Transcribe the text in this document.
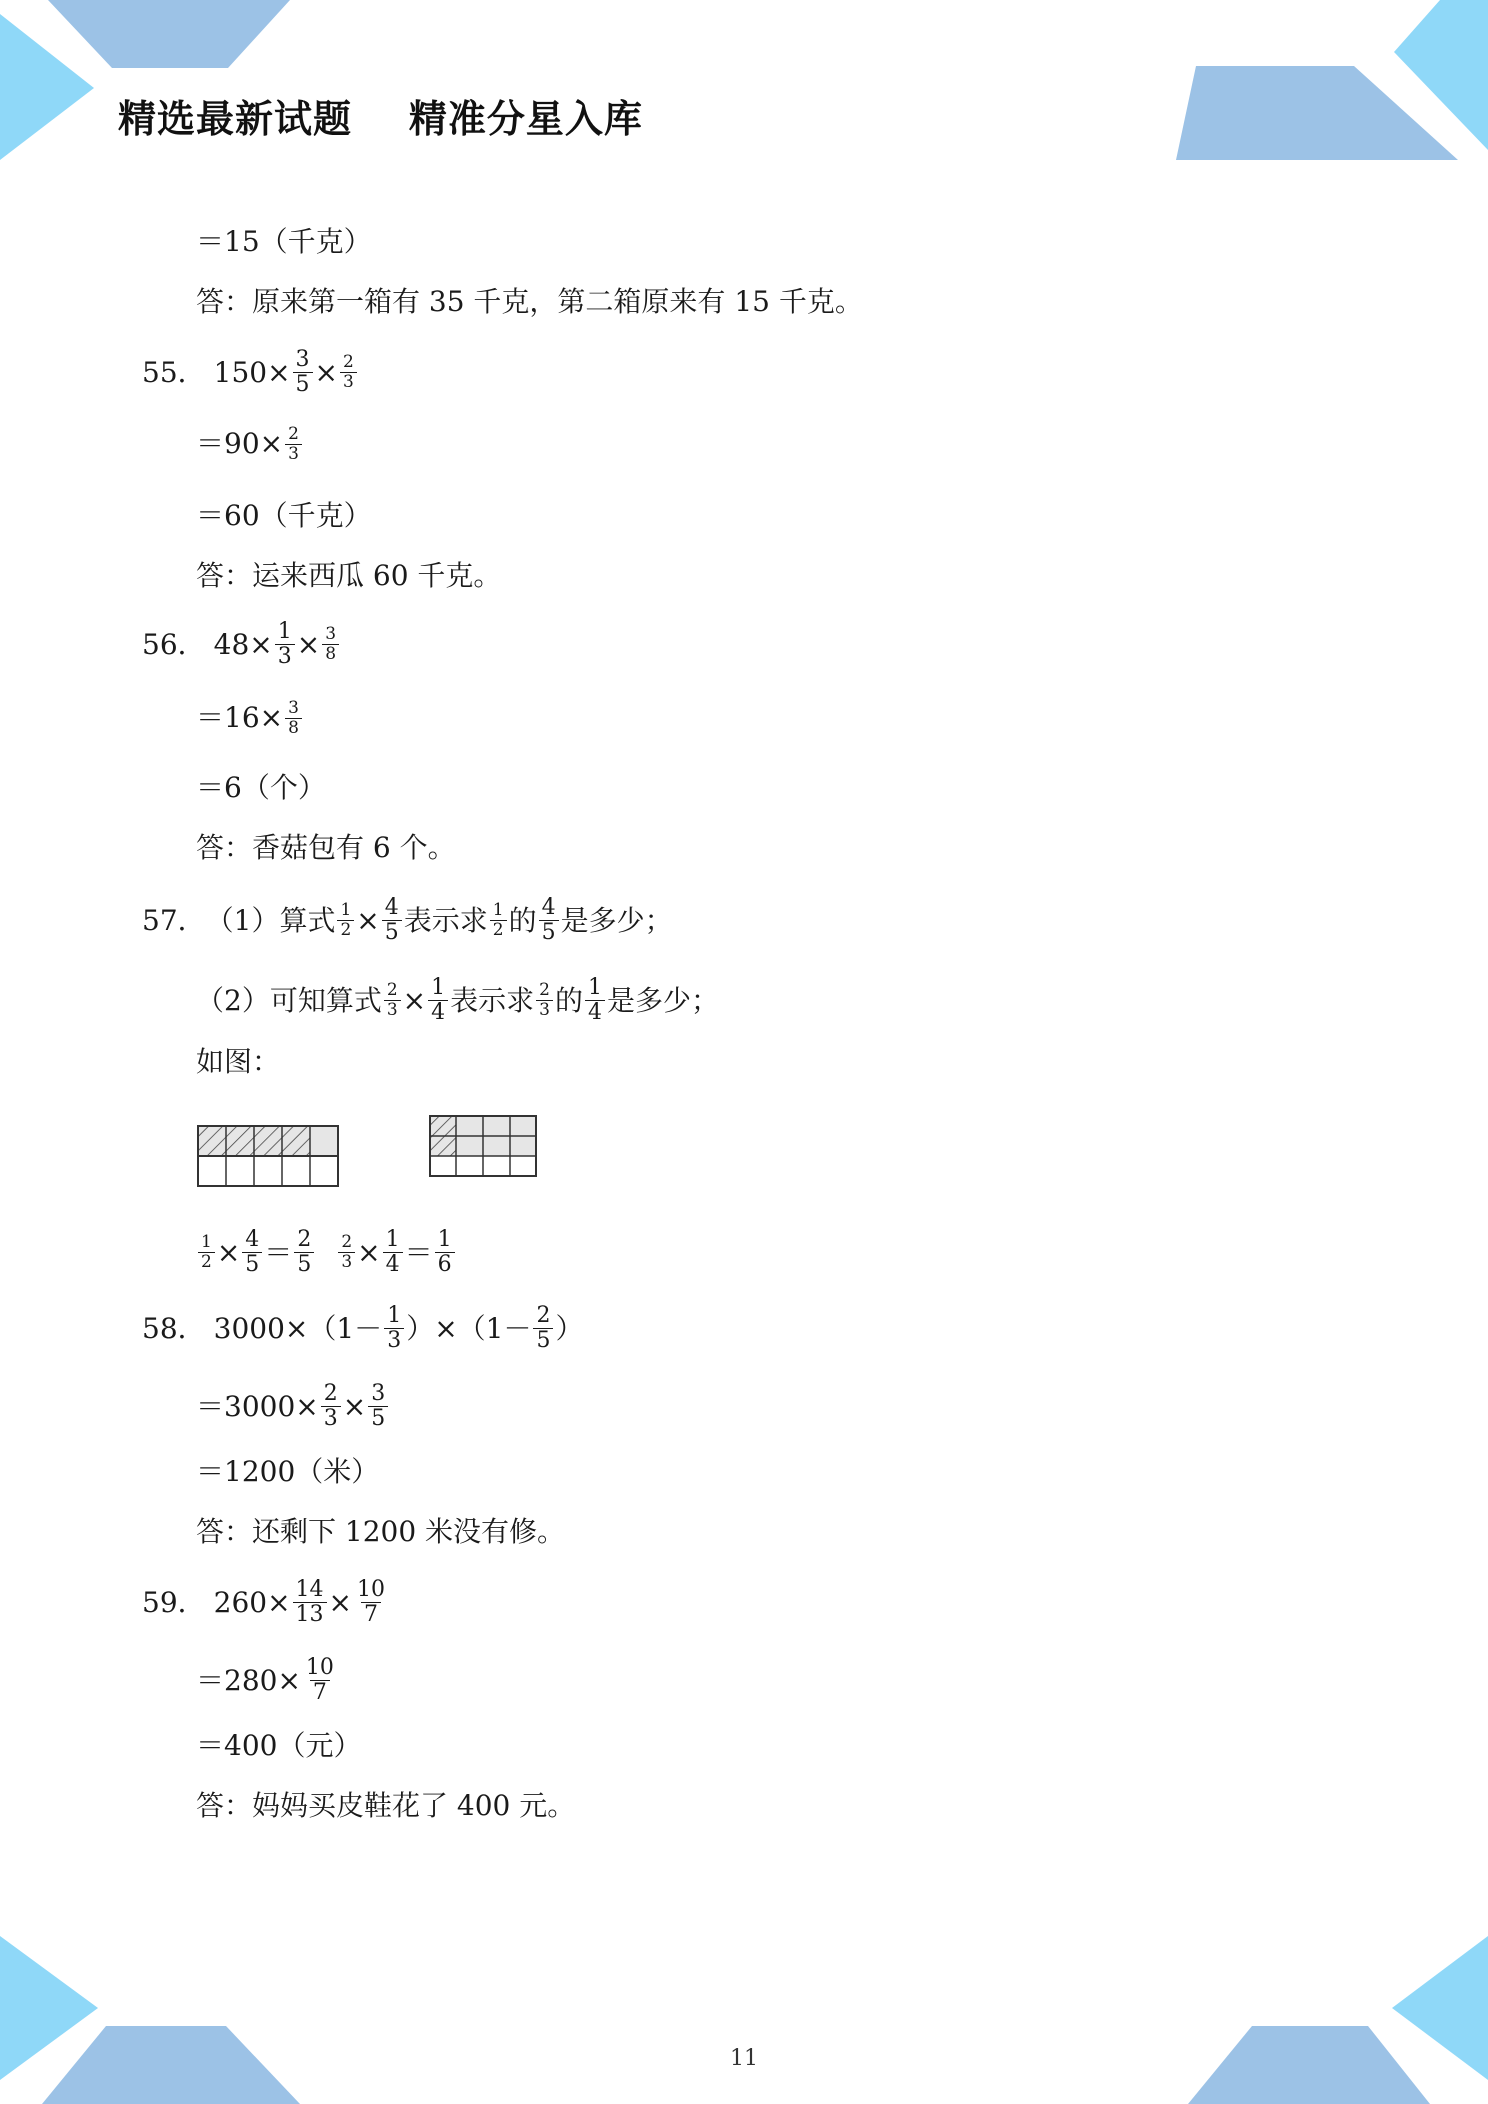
精选最新试题    精准分星入库
＝15（千克）
答：原来第一箱有 35 千克，第二箱原来有 15 千克。
55． $150\times \frac{3}{5} \times \frac{2}{3}$
$=90\times \frac{2}{3}$
＝60（千克）
答：运来西瓜 60 千克。
56． $48\times \frac{1}{3} \times \frac{3}{8}$
$=16\times \frac{3}{8}$
＝6（个）
答：香菇包有 6 个。
57． （1）算式 $\frac{1}{2} \times \frac{4}{5}$ 表示求 $\frac{1}{2}$ 的 $\frac{4}{5}$ 是多少；
（2）可知算式 $\frac{2}{3} \times \frac{1}{4}$ 表示求 $\frac{2}{3}$ 的 $\frac{1}{4}$ 是多少；
如图：
$\frac{1}{2} \times \frac{4}{5} = \frac{2}{5} \frac{2}{3} \times \frac{1}{4} = \frac{1}{6}$
58． $3000\times(1- \frac{1}{3} )\times(1- \frac{2}{5}$ ）
$=3000\times \frac{2}{3} \times \frac{3}{5}$
＝1200（米）
答：还剩下 1200 米没有修。
59． $260\times \frac{14}{13} \times \frac{10}{7}$
$=280\times \frac{10}{7}$
＝400（元）
答：妈妈买皮鞋花了 400 元。
11
